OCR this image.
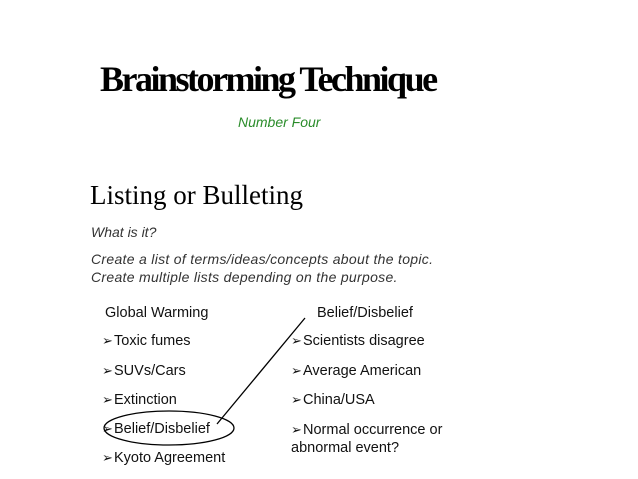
Brainstorming Technique
Number Four
Listing or Bulleting
What is it?
Create a list of terms/ideas/concepts about the topic.
Create multiple lists depending on the purpose.
Global Warming
➢Toxic fumes
➢SUVs/Cars
➢Extinction
➢Belief/Disbelief
➢Kyoto Agreement
Belief/Disbelief
➢Scientists disagree
➢Average American
➢China/USA
➢Normal occurrence or abnormal event?
